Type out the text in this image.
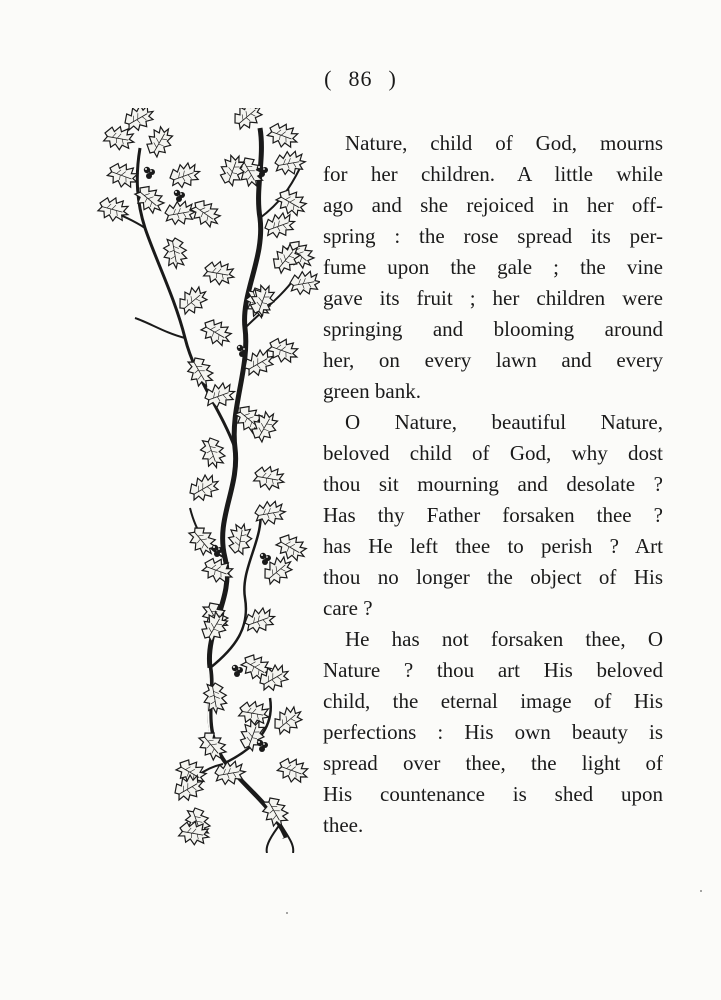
( 86 )
Nature, child of God, mourns
for her children. A little while
ago and she rejoiced in her off-
spring : the rose spread its per-
fume upon the gale ; the vine
gave its fruit ; her children were
springing and blooming around
her, on every lawn and every
green bank.
O Nature, beautiful Nature,
beloved child of God, why dost
thou sit mourning and desolate ?
Has thy Father forsaken thee ?
has He left thee to perish ? Art
thou no longer the object of His
care ?
He has not forsaken thee, O
Nature ? thou art His beloved
child, the eternal image of His
perfections : His own beauty is
spread over thee, the light of
His countenance is shed upon
thee.
